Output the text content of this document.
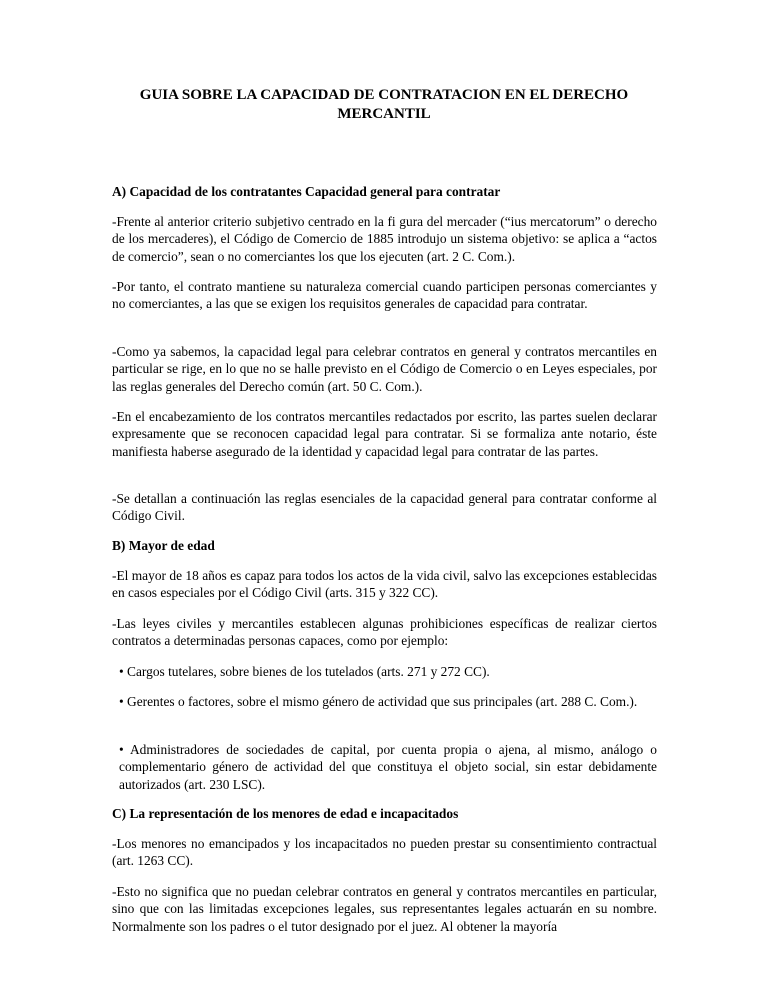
GUIA SOBRE LA CAPACIDAD DE CONTRATACION EN EL DERECHO MERCANTIL
A) Capacidad de los contratantes Capacidad general para contratar

-Frente al anterior criterio subjetivo centrado en la fi gura del mercader (“ius mercatorum” o derecho de los mercaderes), el Código de Comercio de 1885 introdujo un sistema objetivo: se aplica a “actos de comercio”, sean o no comerciantes los que los ejecuten (art. 2 C. Com.).

-Por tanto, el contrato mantiene su naturaleza comercial cuando participen personas comerciantes y no comerciantes, a las que se exigen los requisitos generales de capacidad para contratar.

-Como ya sabemos, la capacidad legal para celebrar contratos en general y contratos mercantiles en particular se rige, en lo que no se halle previsto en el Código de Comercio o en Leyes especiales, por las reglas generales del Derecho común (art. 50 C. Com.).

-En el encabezamiento de los contratos mercantiles redactados por escrito, las partes suelen declarar expresamente que se reconocen capacidad legal para contratar. Si se formaliza ante notario, éste manifiesta haberse asegurado de la identidad y capacidad legal para contratar de las partes.

-Se detallan a continuación las reglas esenciales de la capacidad general para contratar conforme al Código Civil.

B) Mayor de edad

-El mayor de 18 años es capaz para todos los actos de la vida civil, salvo las excepciones establecidas en casos especiales por el Código Civil (arts. 315 y 322 CC).

-Las leyes civiles y mercantiles establecen algunas prohibiciones específicas de realizar ciertos contratos a determinadas personas capaces, como por ejemplo:

• Cargos tutelares, sobre bienes de los tutelados (arts. 271 y 272 CC).

• Gerentes o factores, sobre el mismo género de actividad que sus principales (art. 288 C. Com.).

• Administradores de sociedades de capital, por cuenta propia o ajena, al mismo, análogo o complementario género de actividad del que constituya el objeto social, sin estar debidamente autorizados (art. 230 LSC).

C) La representación de los menores de edad e incapacitados

-Los menores no emancipados y los incapacitados no pueden prestar su consentimiento contractual (art. 1263 CC).

-Esto no significa que no puedan celebrar contratos en general y contratos mercantiles en particular, sino que con las limitadas excepciones legales, sus representantes legales actuarán en su nombre. Normalmente son los padres o el tutor designado por el juez. Al obtener la mayoría
